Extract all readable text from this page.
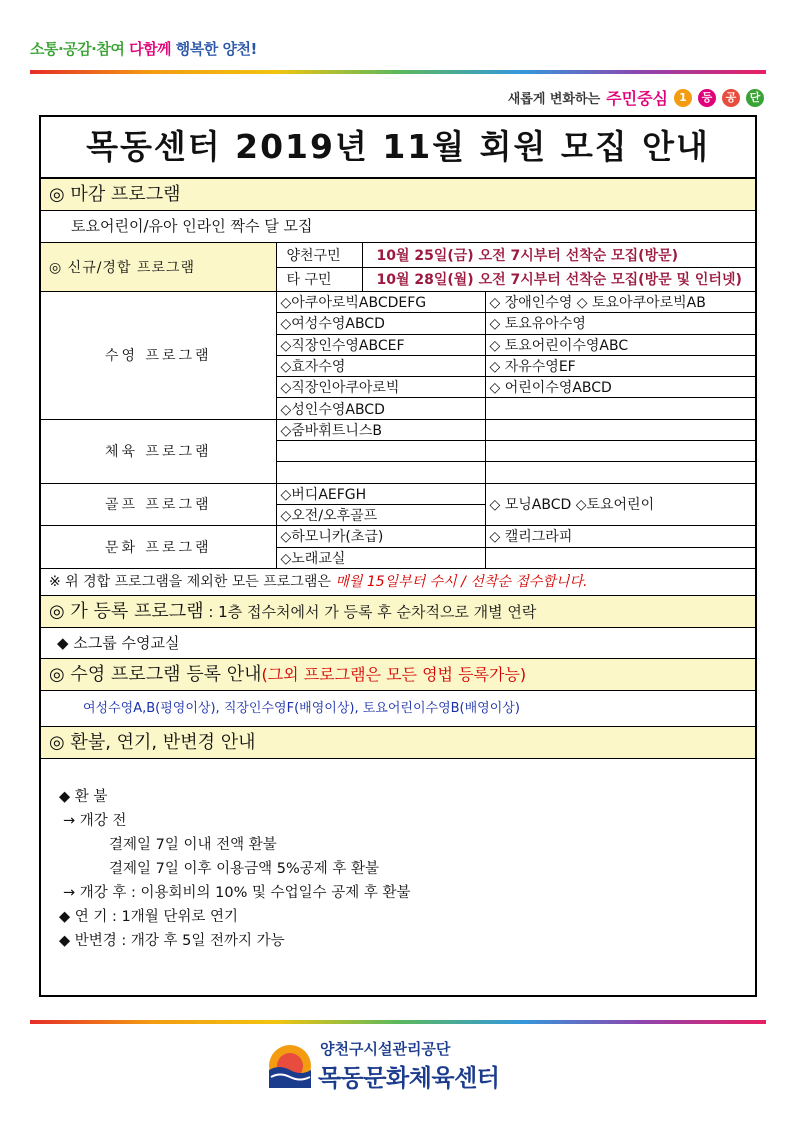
소통·공감·참여 다함께 행복한 양천!
새롭게 변화하는 주민중심	1	등	공	단
목동센터 2019년 11월 회원 모집 안내
◎ 마감 프로그램
토요어린이/유아 인라인 짝수 달 모집
◎ 신규/경합 프로그램	양천구민	10월 25일(금) 오전 7시부터 선착순 모집(방문)
	타 구민	10월 28일(월) 오전 7시부터 선착순 모집(방문 및 인터넷)
수영 프로그램	◇아쿠아로빅ABCDEFG	◇ 장애인수영 ◇ 토요아쿠아로빅AB
	◇여성수영ABCD	◇ 토요유아수영
	◇직장인수영ABCEF	◇ 토요어린이수영ABC
	◇효자수영	◇ 자유수영EF
	◇직장인아쿠아로빅	◇ 어린이수영ABCD
	◇성인수영ABCD	
체육 프로그램	◇줌바휘트니스B	

골프 프로그램	◇버디AEFGH	◇ 모닝ABCD ◇토요어린이
	◇오전/오후골프	
문화 프로그램	◇하모니카(초급)	◇ 캘리그라피
	◇노래교실	
※ 위 경합 프로그램을 제외한 모든 프로그램은 매월 15일부터 수시 / 선착순 접수합니다.
◎ 가 등록 프로그램 : 1층 접수처에서 가 등록 후 순차적으로 개별 연락
◆ 소그룹 수영교실
◎ 수영 프로그램 등록 안내(그외 프로그램은 모든 영법 등록가능)
여성수영A,B(평영이상), 직장인수영F(배영이상), 토요어린이수영B(배영이상)
◎ 환불, 연기, 반변경 안내
◆ 환 불
→ 개강 전
결제일 7일 이내 전액 환불
결제일 7일 이후 이용금액 5%공제 후 환불
→ 개강 후 : 이용회비의 10% 및 수업일수 공제 후 환불
◆ 연 기 : 1개월 단위로 연기
◆ 반변경 : 개강 후 5일 전까지 가능
양천구시설관리공단
목동문화체육센터
